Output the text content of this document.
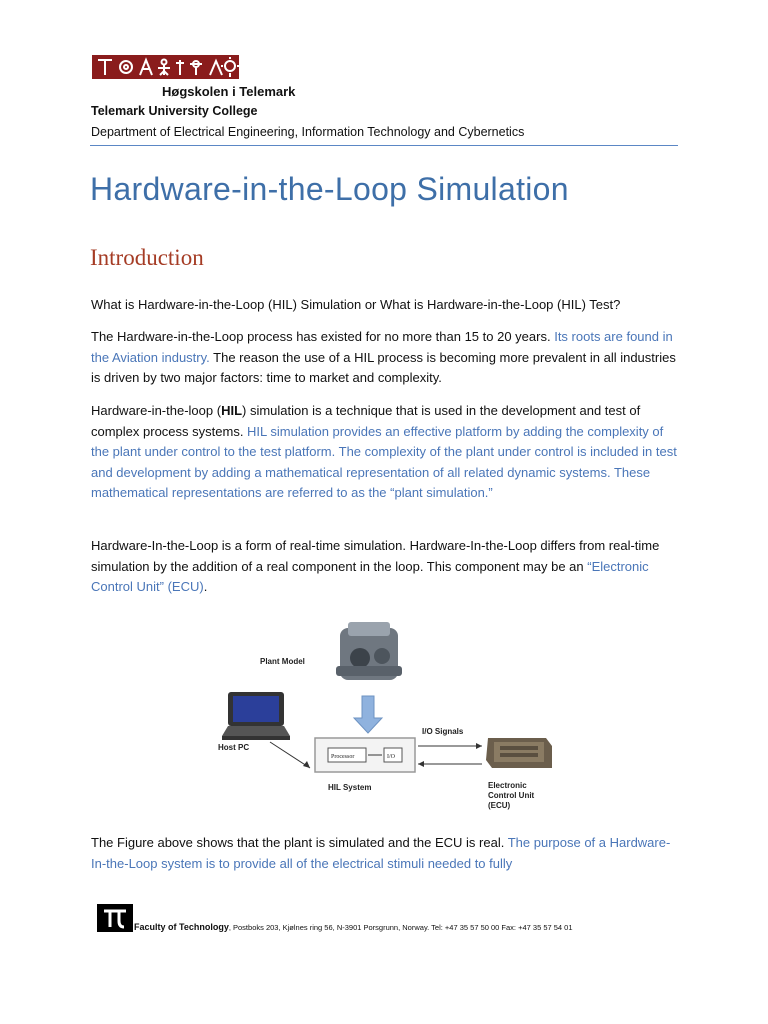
Høgskolen i Telemark
Telemark University College
Department of Electrical Engineering, Information Technology and Cybernetics
Hardware-in-the-Loop Simulation
Introduction
What is Hardware-in-the-Loop (HIL) Simulation or What is Hardware-in-the-Loop (HIL) Test?
The Hardware-in-the-Loop process has existed for no more than 15 to 20 years. Its roots are found in the Aviation industry. The reason the use of a HIL process is becoming more prevalent in all industries is driven by two major factors: time to market and complexity.
Hardware-in-the-loop (HIL) simulation is a technique that is used in the development and test of complex process systems. HIL simulation provides an effective platform by adding the complexity of the plant under control to the test platform. The complexity of the plant under control is included in test and development by adding a mathematical representation of all related dynamic systems. These mathematical representations are referred to as the “plant simulation.”
Hardware-In-the-Loop is a form of real-time simulation. Hardware-In-the-Loop differs from real-time simulation by the addition of a real component in the loop. This component may be an “Electronic Control Unit” (ECU).
Plant Model
Host PC
Processor	I/O
HIL System
I/O Signals
Electronic
Control Unit
(ECU)
The Figure above shows that the plant is simulated and the ECU is real. The purpose of a Hardware-In-the-Loop system is to provide all of the electrical stimuli needed to fully
Faculty of Technology, Postboks 203, Kjølnes ring 56, N-3901 Porsgrunn, Norway. Tel: +47 35 57 50 00 Fax: +47 35 57 54 01
